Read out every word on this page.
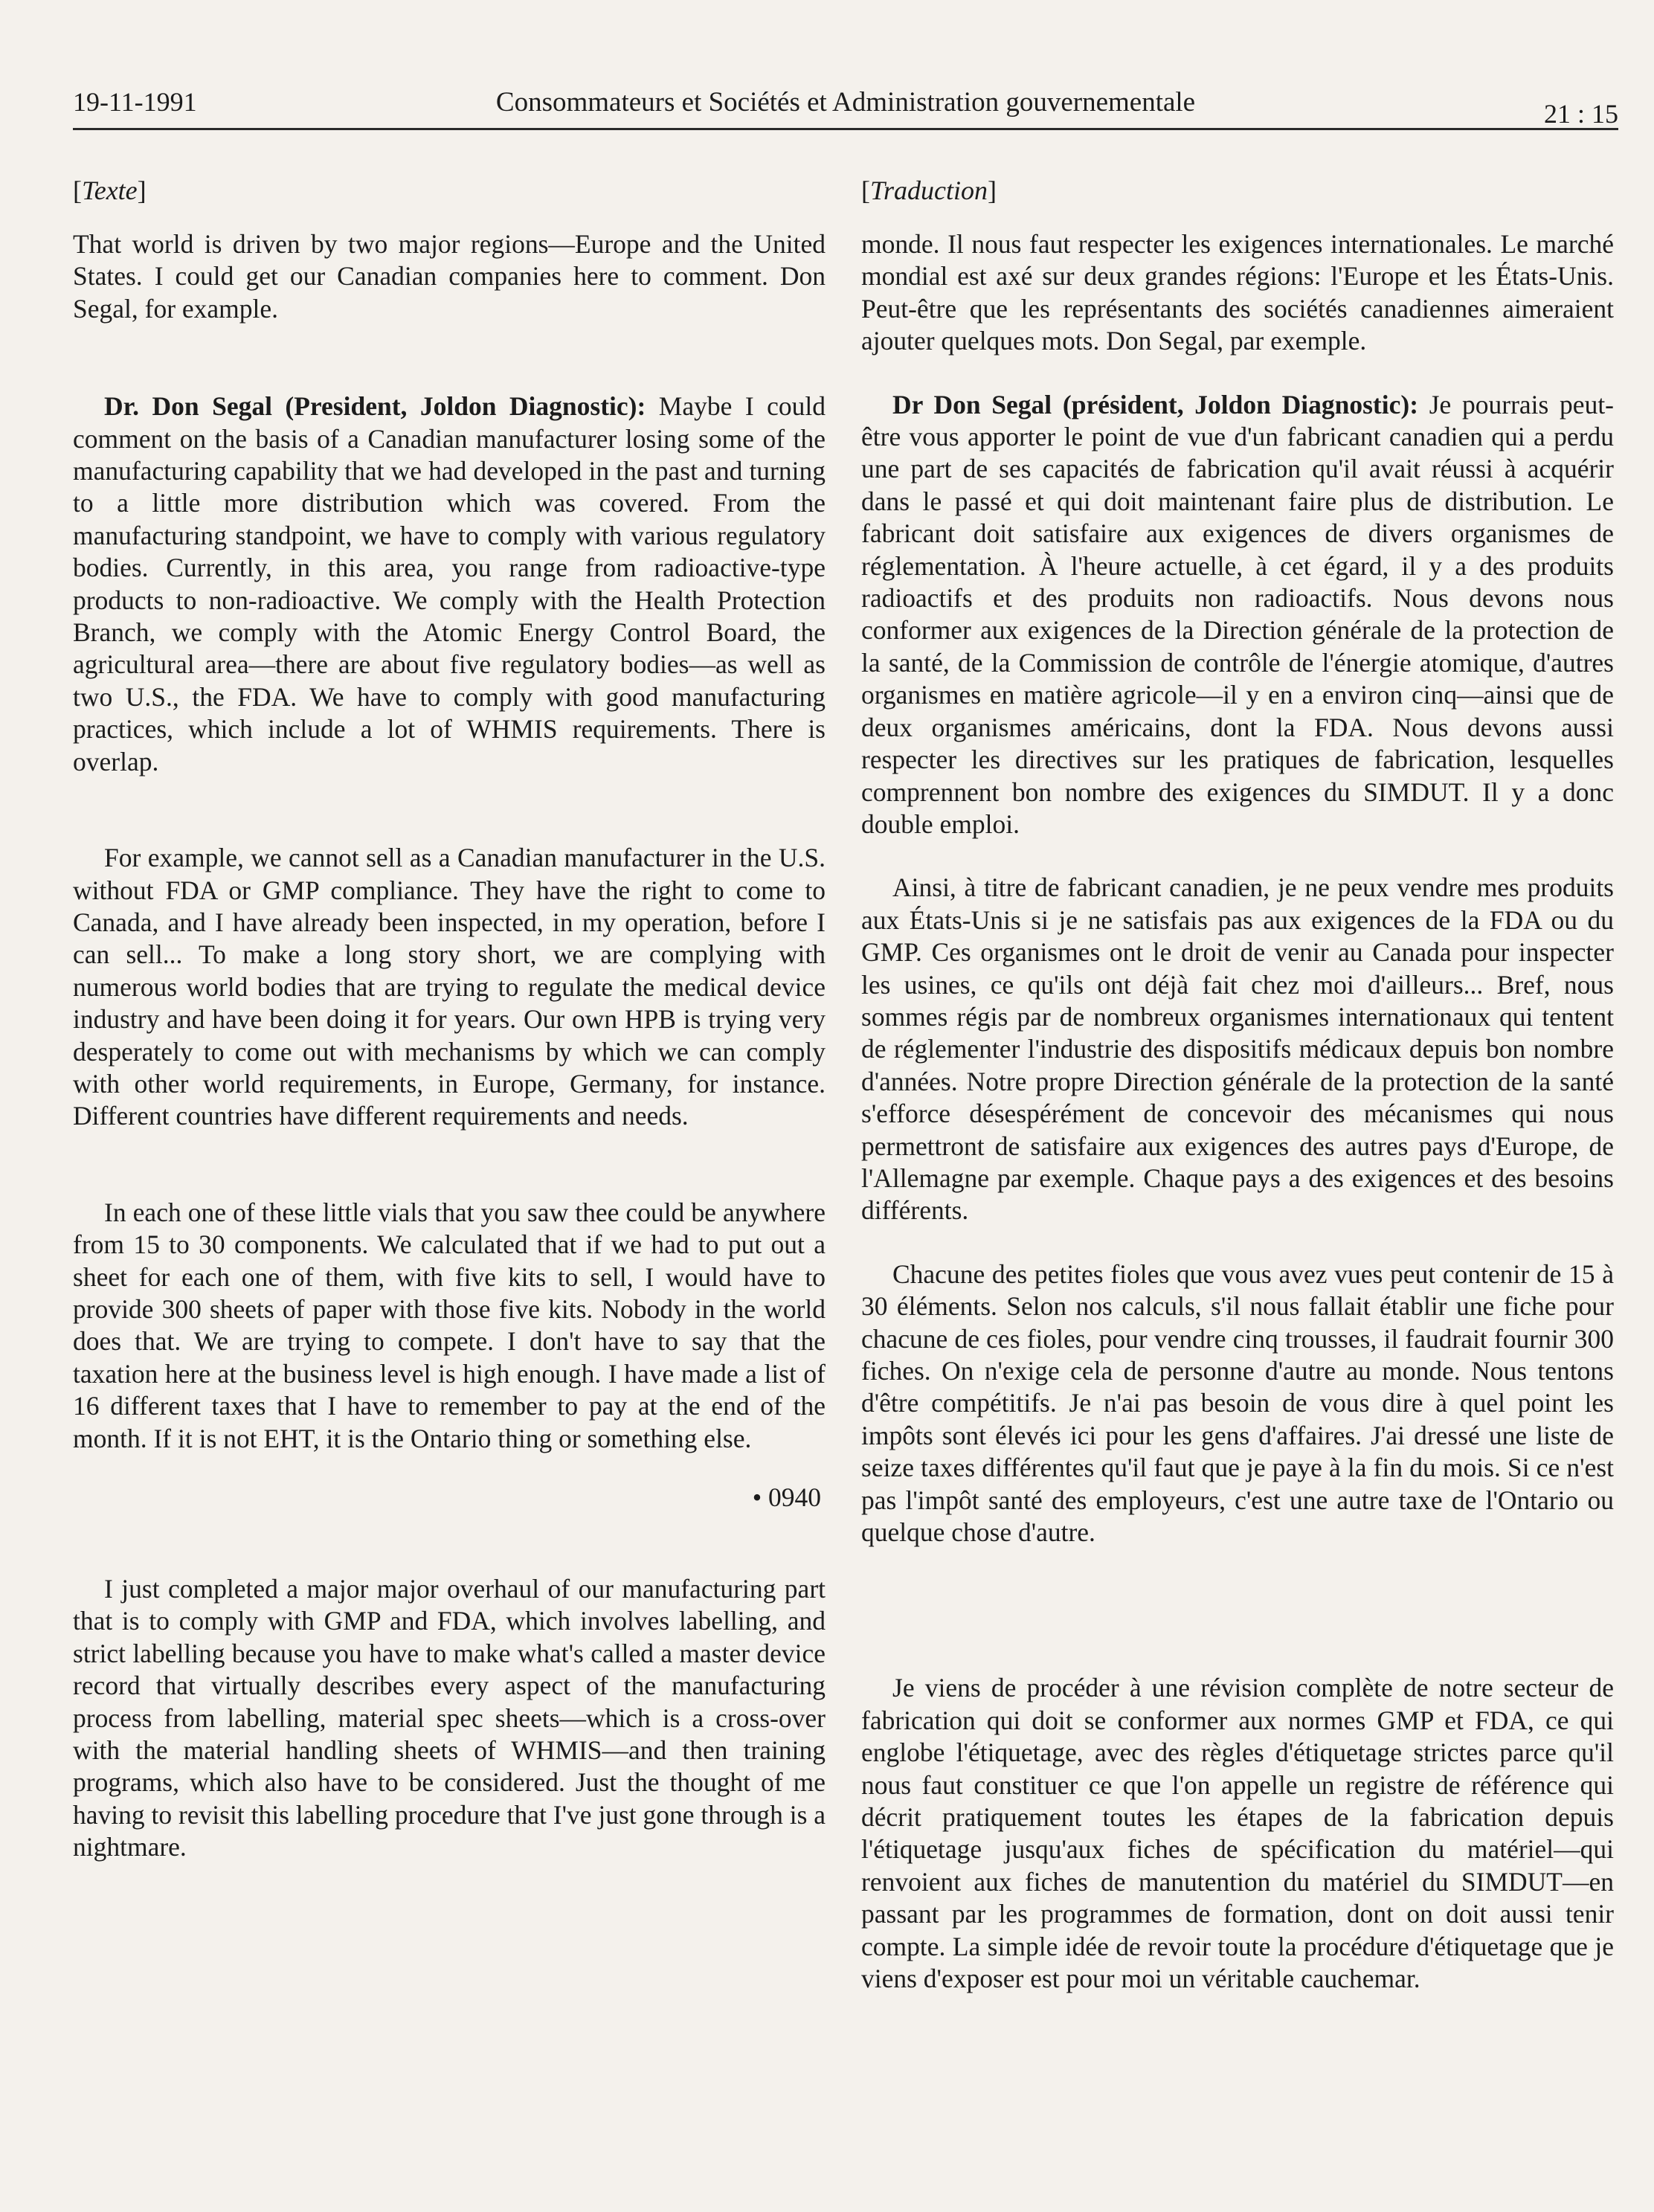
19-11-1991	Consommateurs et Sociétés et Administration gouvernementale	21 : 15
[Texte]

That world is driven by two major regions—Europe and the United States. I could get our Canadian companies here to comment. Don Segal, for example.

Dr. Don Segal (President, Joldon Diagnostic): Maybe I could comment on the basis of a Canadian manufacturer losing some of the manufacturing capability that we had developed in the past and turning to a little more distribution which was covered. From the manufacturing standpoint, we have to comply with various regulatory bodies. Currently, in this area, you range from radioactive-type products to non-radioactive. We comply with the Health Protection Branch, we comply with the Atomic Energy Control Board, the agricultural area—there are about five regulatory bodies—as well as two U.S., the FDA. We have to comply with good manufacturing practices, which include a lot of WHMIS requirements. There is overlap.

For example, we cannot sell as a Canadian manufacturer in the U.S. without FDA or GMP compliance. They have the right to come to Canada, and I have already been inspected, in my operation, before I can sell... To make a long story short, we are complying with numerous world bodies that are trying to regulate the medical device industry and have been doing it for years. Our own HPB is trying very desperately to come out with mechanisms by which we can comply with other world requirements, in Europe, Germany, for instance. Different countries have different requirements and needs.

In each one of these little vials that you saw thee could be anywhere from 15 to 30 components. We calculated that if we had to put out a sheet for each one of them, with five kits to sell, I would have to provide 300 sheets of paper with those five kits. Nobody in the world does that. We are trying to compete. I don't have to say that the taxation here at the business level is high enough. I have made a list of 16 different taxes that I have to remember to pay at the end of the month. If it is not EHT, it is the Ontario thing or something else.

• 0940

I just completed a major major overhaul of our manufacturing part that is to comply with GMP and FDA, which involves labelling, and strict labelling because you have to make what's called a master device record that virtually describes every aspect of the manufacturing process from labelling, material spec sheets—which is a cross-over with the material handling sheets of WHMIS—and then training programs, which also have to be considered. Just the thought of me having to revisit this labelling procedure that I've just gone through is a nightmare.

[Traduction]

monde. Il nous faut respecter les exigences internationales. Le marché mondial est axé sur deux grandes régions: l'Europe et les États-Unis. Peut-être que les représentants des sociétés canadiennes aimeraient ajouter quelques mots. Don Segal, par exemple.

Dr Don Segal (président, Joldon Diagnostic): Je pourrais peut-être vous apporter le point de vue d'un fabricant canadien qui a perdu une part de ses capacités de fabrication qu'il avait réussi à acquérir dans le passé et qui doit maintenant faire plus de distribution. Le fabricant doit satisfaire aux exigences de divers organismes de réglementation. À l'heure actuelle, à cet égard, il y a des produits radioactifs et des produits non radioactifs. Nous devons nous conformer aux exigences de la Direction générale de la protection de la santé, de la Commission de contrôle de l'énergie atomique, d'autres organismes en matière agricole—il y en a environ cinq—ainsi que de deux organismes américains, dont la FDA. Nous devons aussi respecter les directives sur les pratiques de fabrication, lesquelles comprennent bon nombre des exigences du SIMDUT. Il y a donc double emploi.

Ainsi, à titre de fabricant canadien, je ne peux vendre mes produits aux États-Unis si je ne satisfais pas aux exigences de la FDA ou du GMP. Ces organismes ont le droit de venir au Canada pour inspecter les usines, ce qu'ils ont déjà fait chez moi d'ailleurs... Bref, nous sommes régis par de nombreux organismes internationaux qui tentent de réglementer l'industrie des dispositifs médicaux depuis bon nombre d'années. Notre propre Direction générale de la protection de la santé s'efforce désespérément de concevoir des mécanismes qui nous permettront de satisfaire aux exigences des autres pays d'Europe, de l'Allemagne par exemple. Chaque pays a des exigences et des besoins différents.

Chacune des petites fioles que vous avez vues peut contenir de 15 à 30 éléments. Selon nos calculs, s'il nous fallait établir une fiche pour chacune de ces fioles, pour vendre cinq trousses, il faudrait fournir 300 fiches. On n'exige cela de personne d'autre au monde. Nous tentons d'être compétitifs. Je n'ai pas besoin de vous dire à quel point les impôts sont élevés ici pour les gens d'affaires. J'ai dressé une liste de seize taxes différentes qu'il faut que je paye à la fin du mois. Si ce n'est pas l'impôt santé des employeurs, c'est une autre taxe de l'Ontario ou quelque chose d'autre.

Je viens de procéder à une révision complète de notre secteur de fabrication qui doit se conformer aux normes GMP et FDA, ce qui englobe l'étiquetage, avec des règles d'étiquetage strictes parce qu'il nous faut constituer ce que l'on appelle un registre de référence qui décrit pratiquement toutes les étapes de la fabrication depuis l'étiquetage jusqu'aux fiches de spécification du matériel—qui renvoient aux fiches de manutention du matériel du SIMDUT—en passant par les programmes de formation, dont on doit aussi tenir compte. La simple idée de revoir toute la procédure d'étiquetage que je viens d'exposer est pour moi un véritable cauchemar.
